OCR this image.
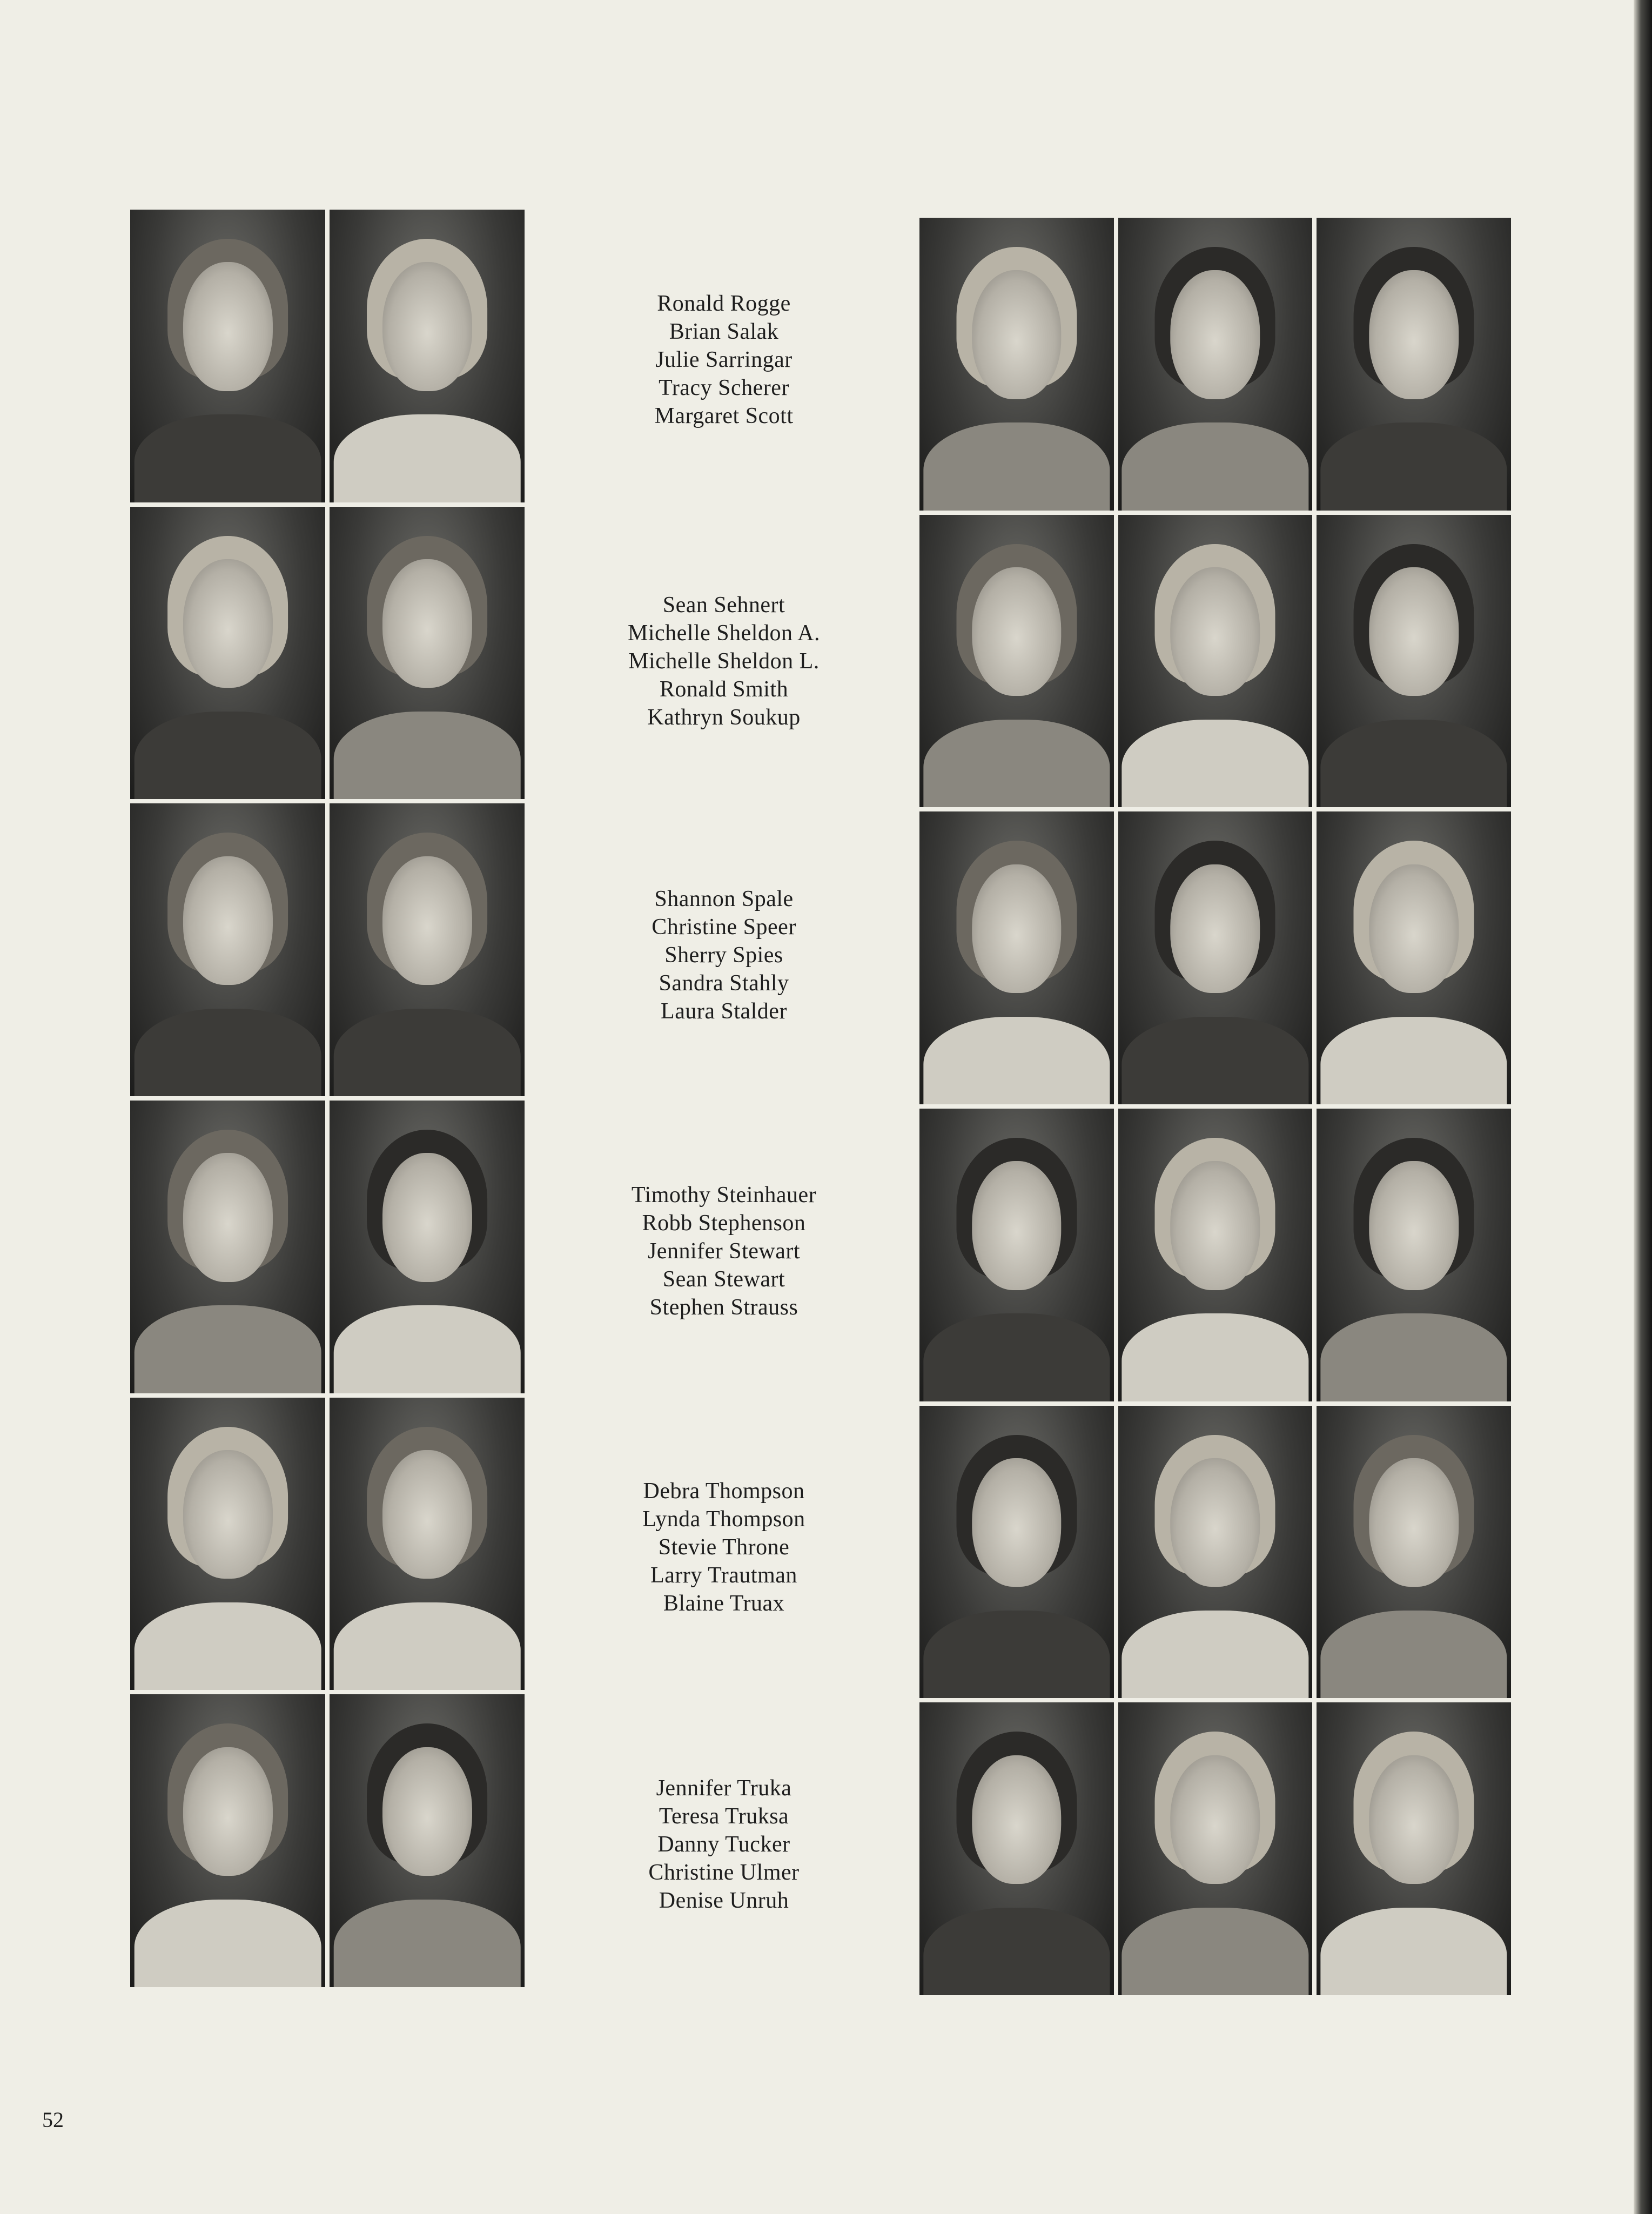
Ronald Rogge
Brian Salak
Julie Sarringar
Tracy Scherer
Margaret Scott
Sean Sehnert
Michelle Sheldon A.
Michelle Sheldon L.
Ronald Smith
Kathryn Soukup
Shannon Spale
Christine Speer
Sherry Spies
Sandra Stahly
Laura Stalder
Timothy Steinhauer
Robb Stephenson
Jennifer Stewart
Sean Stewart
Stephen Strauss
Debra Thompson
Lynda Thompson
Stevie Throne
Larry Trautman
Blaine Truax
Jennifer Truka
Teresa Truksa
Danny Tucker
Christine Ulmer
Denise Unruh
52
